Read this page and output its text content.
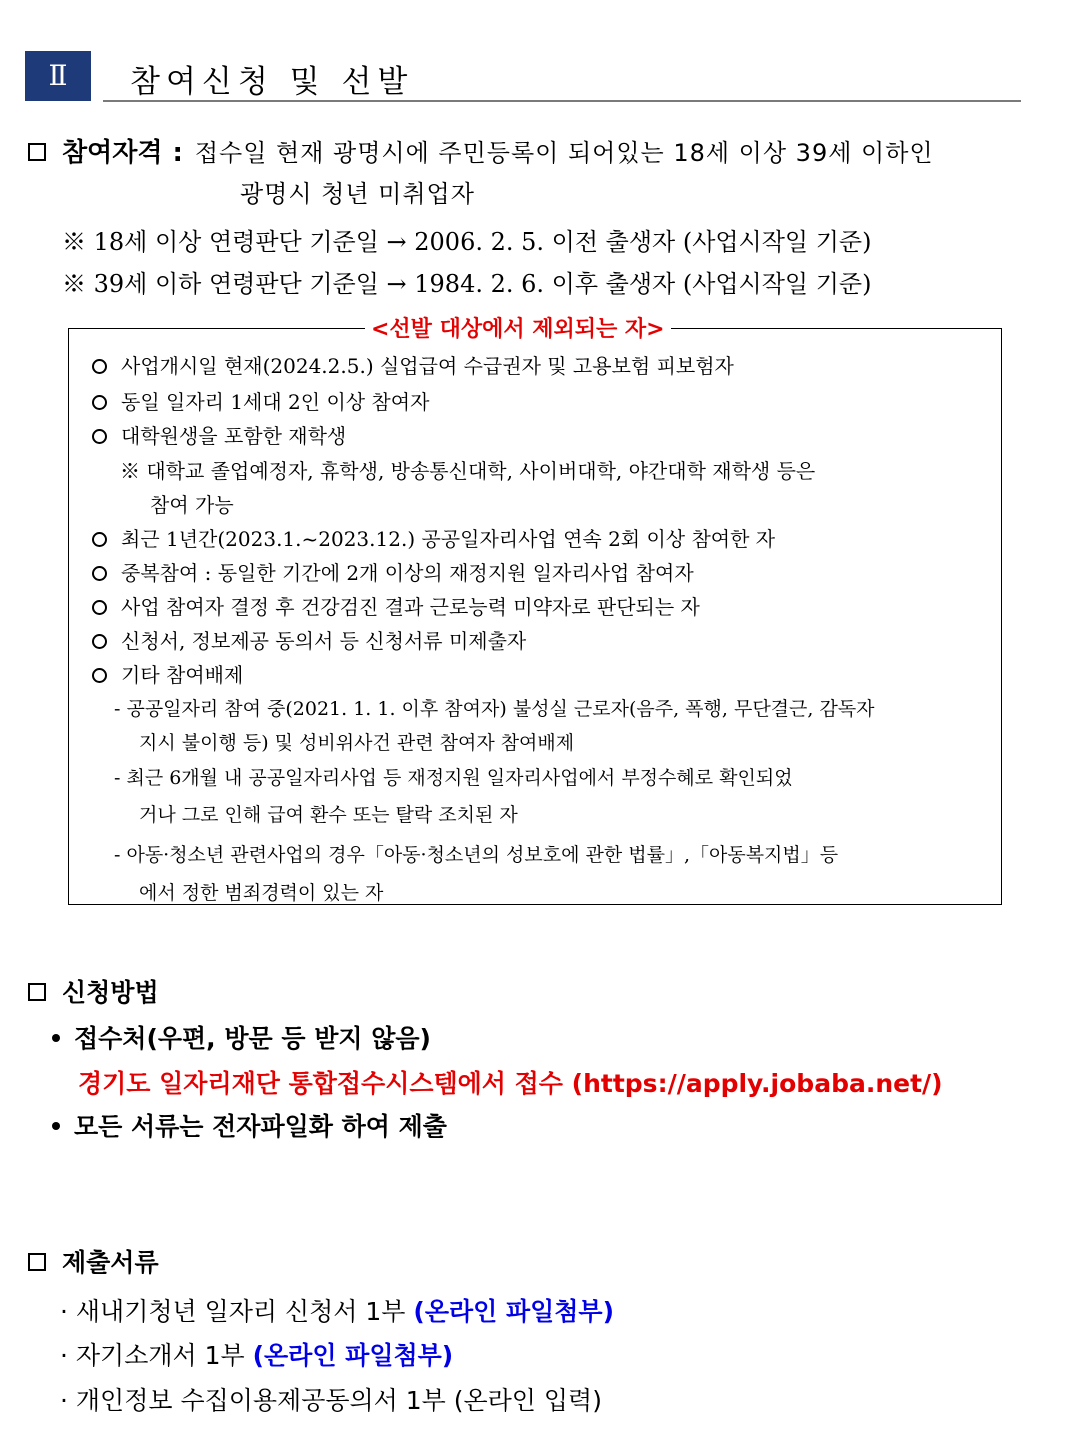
Ⅱ	참여신청 및 선발
참여자격 : 접수일 현재 광명시에 주민등록이 되어있는 18세 이상 39세 이하인
광명시 청년 미취업자
※ 18세 이상 연령판단 기준일 → 2006. 2. 5. 이전 출생자 (사업시작일 기준)
※ 39세 이하 연령판단 기준일 → 1984. 2. 6. 이후 출생자 (사업시작일 기준)
<선발 대상에서 제외되는 자>
사업개시일 현재(2024.2.5.) 실업급여 수급권자 및 고용보험 피보험자
동일 일자리 1세대 2인 이상 참여자
대학원생을 포함한 재학생
※ 대학교 졸업예정자, 휴학생, 방송통신대학, 사이버대학, 야간대학 재학생 등은
참여 가능
최근 1년간(2023.1.~2023.12.) 공공일자리사업 연속 2회 이상 참여한 자
중복참여 : 동일한 기간에 2개 이상의 재정지원 일자리사업 참여자
사업 참여자 결정 후 건강검진 결과 근로능력 미약자로 판단되는 자
신청서, 정보제공 동의서 등 신청서류 미제출자
기타 참여배제
- 공공일자리 참여 중(2021. 1. 1. 이후 참여자) 불성실 근로자(음주, 폭행, 무단결근, 감독자
지시 불이행 등) 및 성비위사건 관련 참여자 참여배제
- 최근 6개월 내 공공일자리사업 등 재정지원 일자리사업에서 부정수혜로 확인되었
거나 그로 인해 급여 환수 또는 탈락 조치된 자
- 아동·청소년 관련사업의 경우「아동·청소년의 성보호에 관한 법률」,「아동복지법」등
에서 정한 범죄경력이 있는 자
신청방법
접수처(우편, 방문 등 받지 않음)
경기도 일자리재단 통합접수시스템에서 접수 (https://apply.jobaba.net/)
모든 서류는 전자파일화 하여 제출
제출서류
· 새내기청년 일자리 신청서 1부 (온라인 파일첨부)
· 자기소개서 1부 (온라인 파일첨부)
· 개인정보 수집이용제공동의서 1부 (온라인 입력)
